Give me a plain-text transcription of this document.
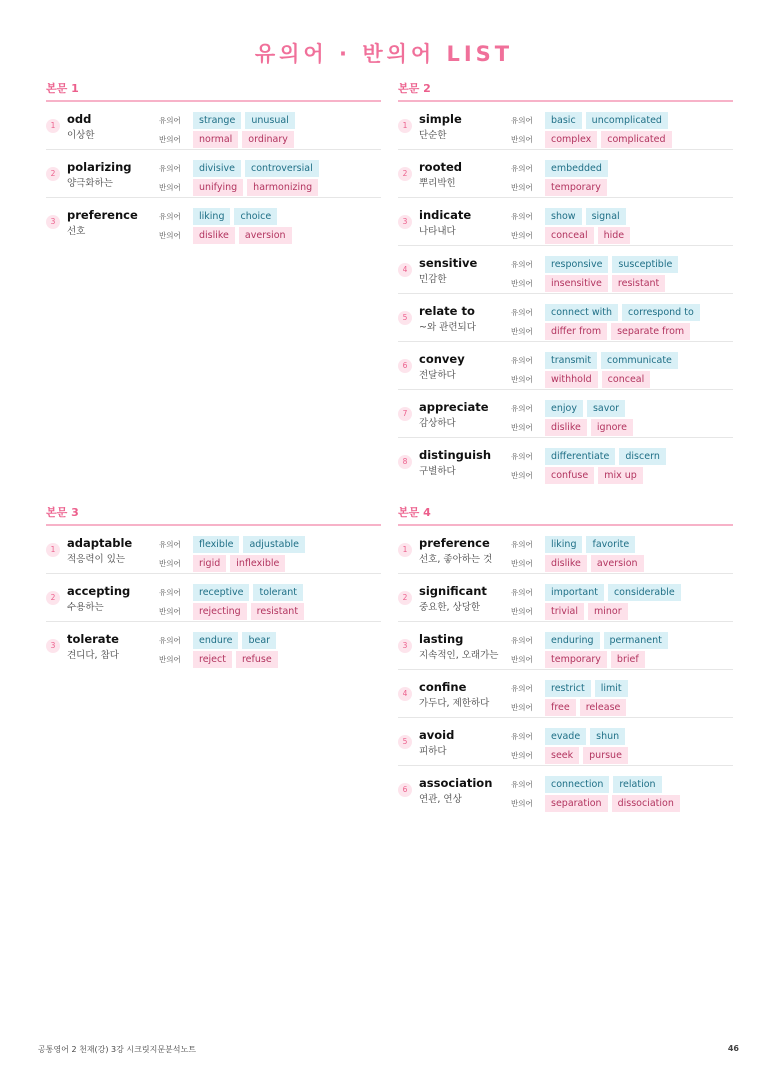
유의어 · 반의어 LIST
본문 1
1	odd
이상한
유의어	strange	unusual
반의어	normal	ordinary
2	polarizing
양극화하는
유의어	divisive	controversial
반의어	unifying	harmonizing
3	preference
선호
유의어	liking	choice
반의어	dislike	aversion
본문 2
1	simple
단순한
유의어	basic	uncomplicated
반의어	complex	complicated
2	rooted
뿌리박힌
유의어	embedded
반의어	temporary
3	indicate
나타내다
유의어	show	signal
반의어	conceal	hide
4	sensitive
민감한
유의어	responsive	susceptible
반의어	insensitive	resistant
5	relate to
~와 관련되다
유의어	connect with	correspond to
반의어	differ from	separate from
6	convey
전달하다
유의어	transmit	communicate
반의어	withhold	conceal
7	appreciate
감상하다
유의어	enjoy	savor
반의어	dislike	ignore
8	distinguish
구별하다
유의어	differentiate	discern
반의어	confuse	mix up
본문 3
1	adaptable
적응력이 있는
유의어	flexible	adjustable
반의어	rigid	inflexible
2	accepting
수용하는
유의어	receptive	tolerant
반의어	rejecting	resistant
3	tolerate
견디다, 참다
유의어	endure	bear
반의어	reject	refuse
본문 4
1	preference
선호, 좋아하는 것
유의어	liking	favorite
반의어	dislike	aversion
2	significant
중요한, 상당한
유의어	important	considerable
반의어	trivial	minor
3	lasting
지속적인, 오래가는
유의어	enduring	permanent
반의어	temporary	brief
4	confine
가두다, 제한하다
유의어	restrict	limit
반의어	free	release
5	avoid
피하다
유의어	evade	shun
반의어	seek	pursue
6	association
연관, 연상
유의어	connection	relation
반의어	separation	dissociation
공통영어 2 천재(강) 3강 시크릿지문분석노트	46
